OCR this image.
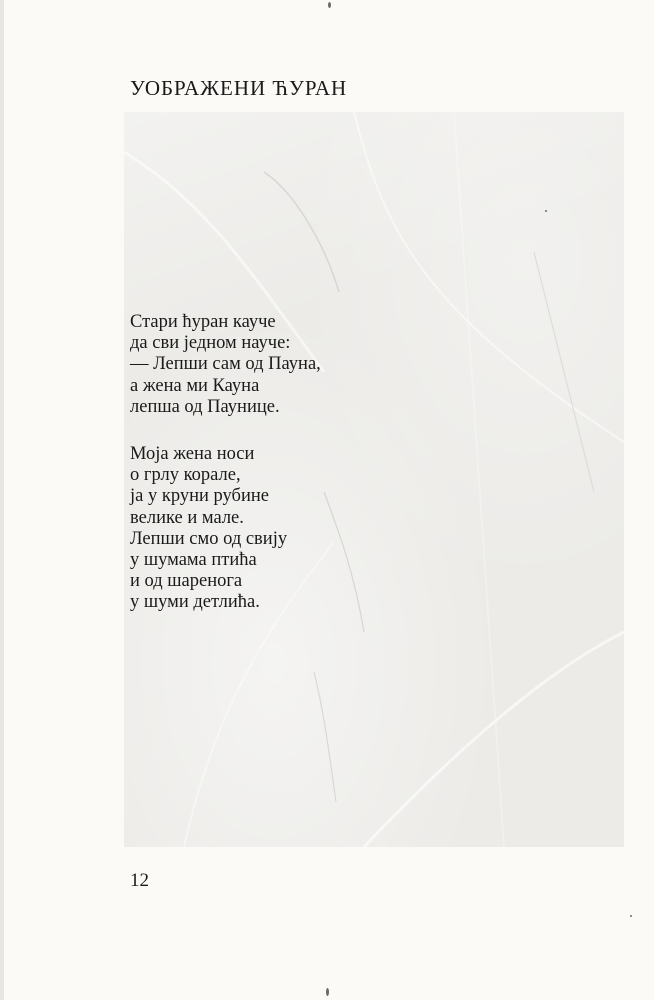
УОБРАЖЕНИ ЋУРАН
Стари ћуран кауче
да сви једном науче:
— Лепши сам од Пауна,
а жена ми Кауна
лепша од Паунице.
Моја жена носи
о грлу корале,
ја у круни рубине
велике и мале.
Лепши смо од свију
у шумама птића
и од шареногa
у шуми детлића.
12
